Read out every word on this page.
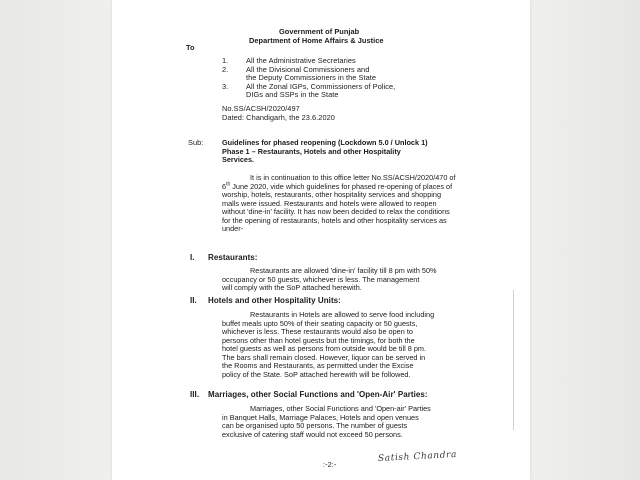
Government of Punjab
Department of Home Affairs & Justice
To
1. All the Administrative Secretaries
2. All the Divisional Commissioners and
the Deputy Commissioners in the State
3. All the Zonal IGPs, Commissioners of Police,
DIGs and SSPs in the State
No.SS/ACSH/2020/497
Dated: Chandigarh, the 23.6.2020
Sub:	Guidelines for phased reopening (Lockdown 5.0 / Unlock 1)
Phase 1 – Restaurants, Hotels and other Hospitality
Services.
It is in continuation to this office letter No.SS/ACSH/2020/470 of
6th June 2020, vide which guidelines for phased re-opening of places of
worship, hotels, restaurants, other hospitality services and shopping
malls were issued. Restaurants and hotels were allowed to reopen
without 'dine-in' facility. It has now been decided to relax the conditions
for the opening of restaurants, hotels and other hospitality services as
under-
I. Restaurants:
Restaurants are allowed 'dine-in' facility till 8 pm with 50%
occupancy or 50 guests, whichever is less. The management
will comply with the SoP attached herewith.
II. Hotels and other Hospitality Units:
Restaurants in Hotels are allowed to serve food including
buffet meals upto 50% of their seating capacity or 50 guests,
whichever is less. These restaurants would also be open to
persons other than hotel guests but the timings, for both the
hotel guests as well as persons from outside would be till 8 pm.
The bars shall remain closed. However, liquor can be served in
the Rooms and Restaurants, as permitted under the Excise
policy of the State. SoP attached herewith will be followed.
III. Marriages, other Social Functions and 'Open-Air' Parties:
Marriages, other Social Functions and 'Open-air' Parties
in Banquet Halls, Marriage Palaces, Hotels and open venues
can be organised upto 50 persons. The number of guests
exclusive of catering staff would not exceed 50 persons.
:-2:-
Satish Chandra
